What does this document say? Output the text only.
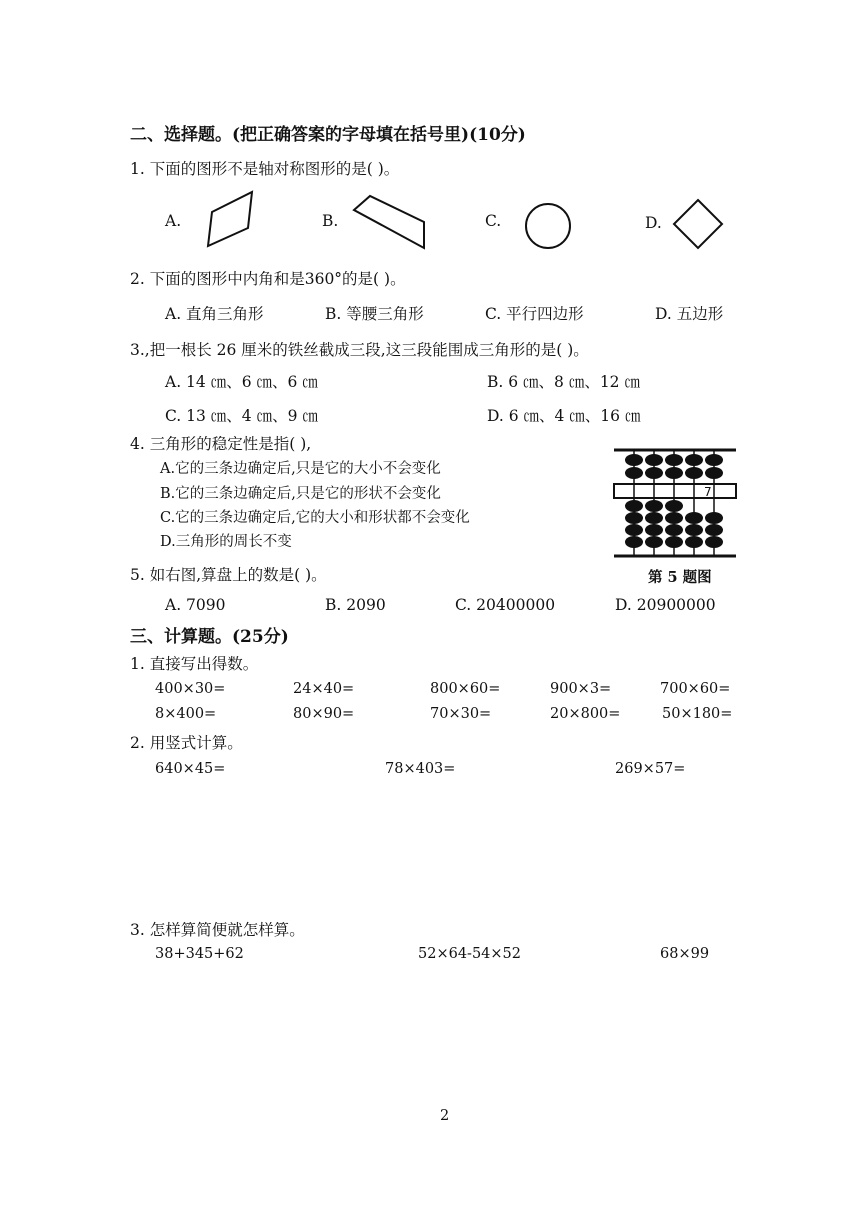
二、选择题。(把正确答案的字母填在括号里)(10分)
1. 下面的图形不是轴对称图形的是( )。
A.	B.	C.	D.
2. 下面的图形中内角和是360°的是( )。
A. 直角三角形	B. 等腰三角形	C. 平行四边形	D. 五边形
3.,把一根长 26 厘米的铁丝截成三段,这三段能围成三角形的是( )。
A. 14 ㎝、6 ㎝、6 ㎝	B. 6 ㎝、8 ㎝、12 ㎝
C. 13 ㎝、4 ㎝、9 ㎝	D. 6 ㎝、4 ㎝、16 ㎝
4. 三角形的稳定性是指( ),
A.它的三条边确定后,只是它的大小不会变化
B.它的三条边确定后,只是它的形状不会变化
C.它的三条边确定后,它的大小和形状都不会变化
D.三角形的周长不变
7
第 5 题图
5. 如右图,算盘上的数是( )。
A. 7090	B. 2090	C. 20400000	D. 20900000
三、计算题。(25分)
1. 直接写出得数。
400×30=	24×40=	800×60=	900×3=	700×60=
8×400=	80×90=	70×30=	20×800=	50×180=
2. 用竖式计算。
640×45=	78×403=	269×57=
3. 怎样算简便就怎样算。
38+345+62	52×64-54×52	68×99
2
